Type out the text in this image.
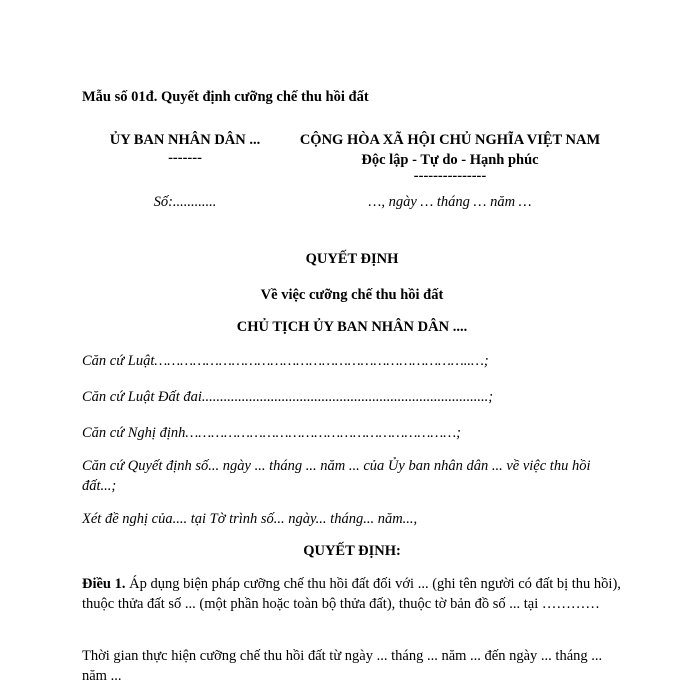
Mẫu số 01đ. Quyết định cưỡng chế thu hồi đất
ỦY BAN NHÂN DÂN ...
-------
Số:............
CỘNG HÒA XÃ HỘI CHỦ NGHĨA VIỆT NAM
Độc lập - Tự do - Hạnh phúc
---------------
…, ngày … tháng … năm …
QUYẾT ĐỊNH
Về việc cưỡng chế thu hồi đất
CHỦ TỊCH ỦY BAN NHÂN DÂN ....
Căn cứ Luật………………………………………………………………..…;
Căn cứ Luật Đất đai...............................................................................;
Căn cứ Nghị định………………………………………………………;
Căn cứ Quyết định số... ngày ... tháng ... năm ... của Ủy ban nhân dân ... về việc thu hồi đất...;
Xét đề nghị của.... tại Tờ trình số... ngày... tháng... năm...,
QUYẾT ĐỊNH:
Điều 1. Áp dụng biện pháp cưỡng chế thu hồi đất đối với ... (ghi tên người có đất bị thu hồi), thuộc thửa đất số ... (một phần hoặc toàn bộ thửa đất), thuộc tờ bản đồ số ... tại …………
Thời gian thực hiện cưỡng chế thu hồi đất từ ngày ... tháng ... năm ... đến ngày ... tháng ... năm ...
